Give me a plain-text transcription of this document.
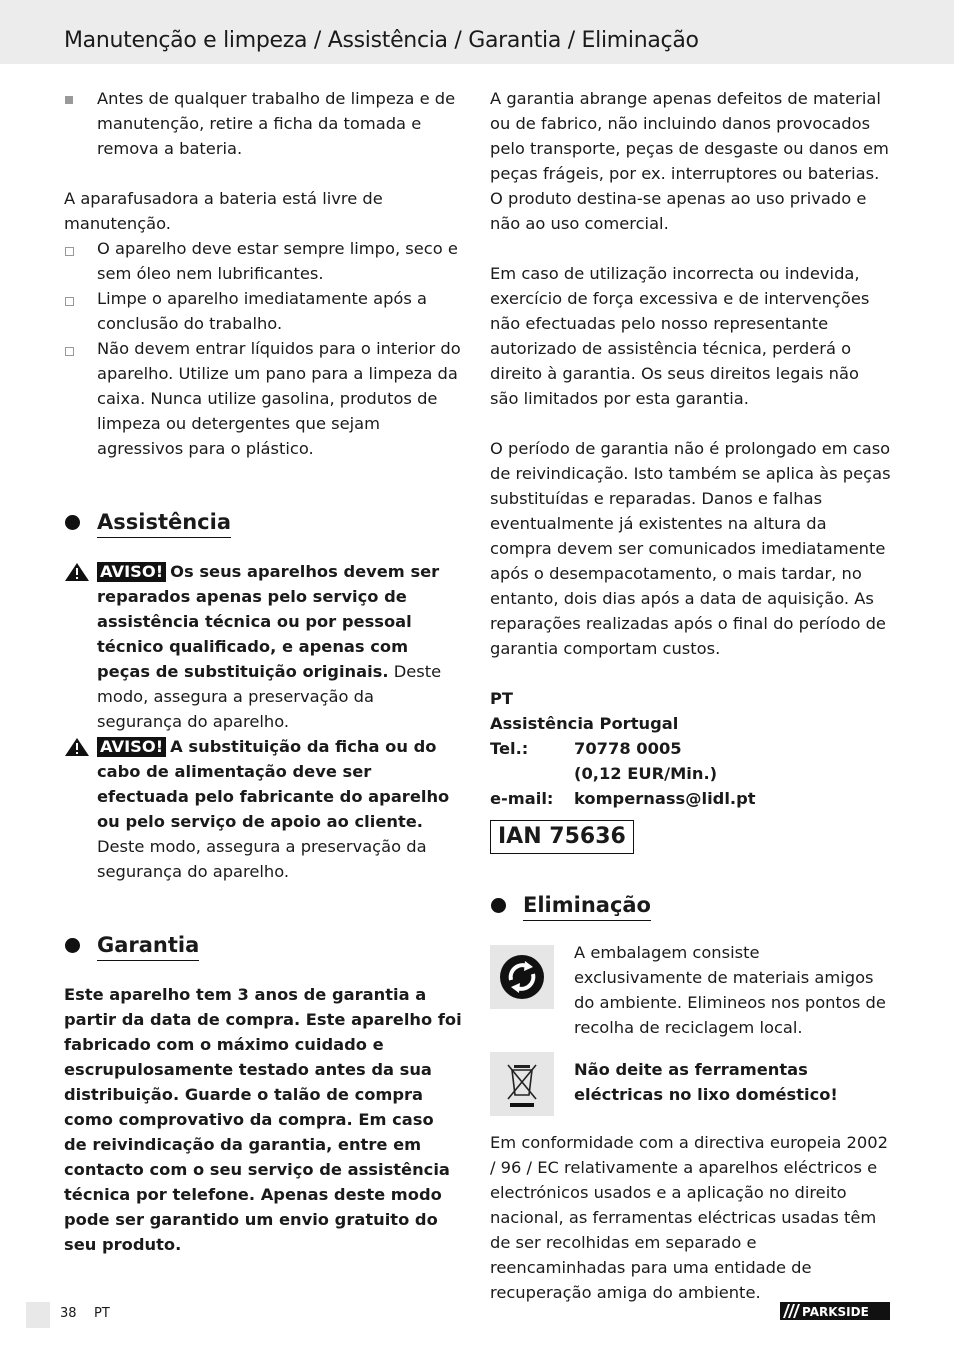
Manutenção e limpeza / Assistência / Garantia / Eliminação
Antes de qualquer trabalho de limpeza e de manutenção, retire a ficha da tomada e remova a bateria.

A aparafusadora a bateria está livre de manutenção.

O aparelho deve estar sempre limpo, seco e sem óleo nem lubrificantes.
Limpe o aparelho imediatamente após a conclusão do trabalho.
Não devem entrar líquidos para o interior do aparelho. Utilize um pano para a limpeza da caixa. Nunca utilize gasolina, produtos de limpeza ou detergentes que sejam agressivos para o plástico.
Assistência
AVISO! Os seus aparelhos devem ser reparados apenas pelo serviço de assistência técnica ou por pessoal técnico qualificado, e apenas com peças de substituição originais. Deste modo, assegura a preservação da segurança do aparelho.
AVISO! A substituição da ficha ou do cabo de alimentação deve ser efectuada pelo fabricante do aparelho ou pelo serviço de apoio ao cliente. Deste modo, assegura a preservação da segurança do aparelho.
Garantia

Este aparelho tem 3 anos de garantia a partir da data de compra. Este aparelho foi fabricado com o máximo cuidado e escrupulosamente testado antes da sua distribuição. Guarde o talão de compra como comprovativo da compra. Em caso de reivindicação da garantia, entre em contacto com o seu serviço de assistência técnica por telefone. Apenas deste modo pode ser garantido um envio gratuito do seu produto.

A garantia abrange apenas defeitos de material ou de fabrico, não incluindo danos provocados pelo transporte, peças de desgaste ou danos em peças frágeis, por ex. interruptores ou baterias. O produto destina-se apenas ao uso privado e não ao uso comercial.

Em caso de utilização incorrecta ou indevida, exercício de força excessiva e de intervenções não efectuadas pelo nosso representante autorizado de assistência técnica, perderá o direito à garantia. Os seus direitos legais não são limitados por esta garantia.

O período de garantia não é prolongado em caso de reivindicação. Isto também se aplica às peças substituídas e reparadas. Danos e falhas eventualmente já existentes na altura da compra devem ser comunicados imediatamente após o desempacotamento, o mais tardar, no entanto, dois dias após a data de aquisição. As reparações realizadas após o final do período de garantia comportam custos.

PT
Assistência Portugal
Tel.:	70778 0005
(0,12 EUR/Min.)
e-mail:	kompernass@lidl.pt
IAN 75636
Eliminação

A embalagem consiste exclusivamente de materiais amigos do ambiente. Elimineos nos pontos de recolha de reciclagem local.

Não deite as ferramentas eléctricas no lixo doméstico!

Em conformidade com a directiva europeia 2002 / 96 / EC relativamente a aparelhos eléctricos e electrónicos usados e a aplicação no direito nacional, as ferramentas eléctricas usadas têm de ser recolhidas em separado e reencaminhadas para uma entidade de recuperação amiga do ambiente.

38 PT	PARKSIDE
